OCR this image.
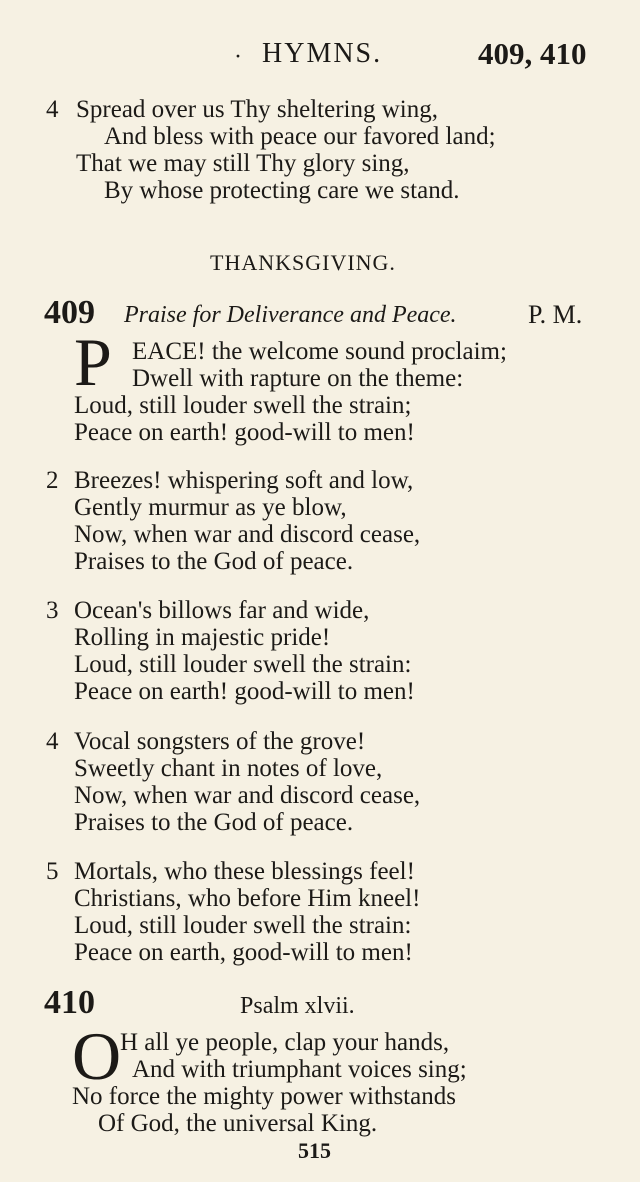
· HYMNS.	409, 410
4 Spread over us Thy sheltering wing,
And bless with peace our favored land;
That we may still Thy glory sing,
By whose protecting care we stand.
THANKSGIVING.
409 Praise for Deliverance and Peace.	P. M.
P EACE! the welcome sound proclaim;
Dwell with rapture on the theme:
Loud, still louder swell the strain;
Peace on earth! good-will to men!
2 Breezes! whispering soft and low,
Gently murmur as ye blow,
Now, when war and discord cease,
Praises to the God of peace.
3 Ocean's billows far and wide,
Rolling in majestic pride!
Loud, still louder swell the strain:
Peace on earth! good-will to men!
4 Vocal songsters of the grove!
Sweetly chant in notes of love,
Now, when war and discord cease,
Praises to the God of peace.
5 Mortals, who these blessings feel!
Christians, who before Him kneel!
Loud, still louder swell the strain:
Peace on earth, good-will to men!
410	Psalm xlvii.
O
H all ye people, clap your hands,
And with triumphant voices sing;
No force the mighty power withstands
Of God, the universal King.
515
